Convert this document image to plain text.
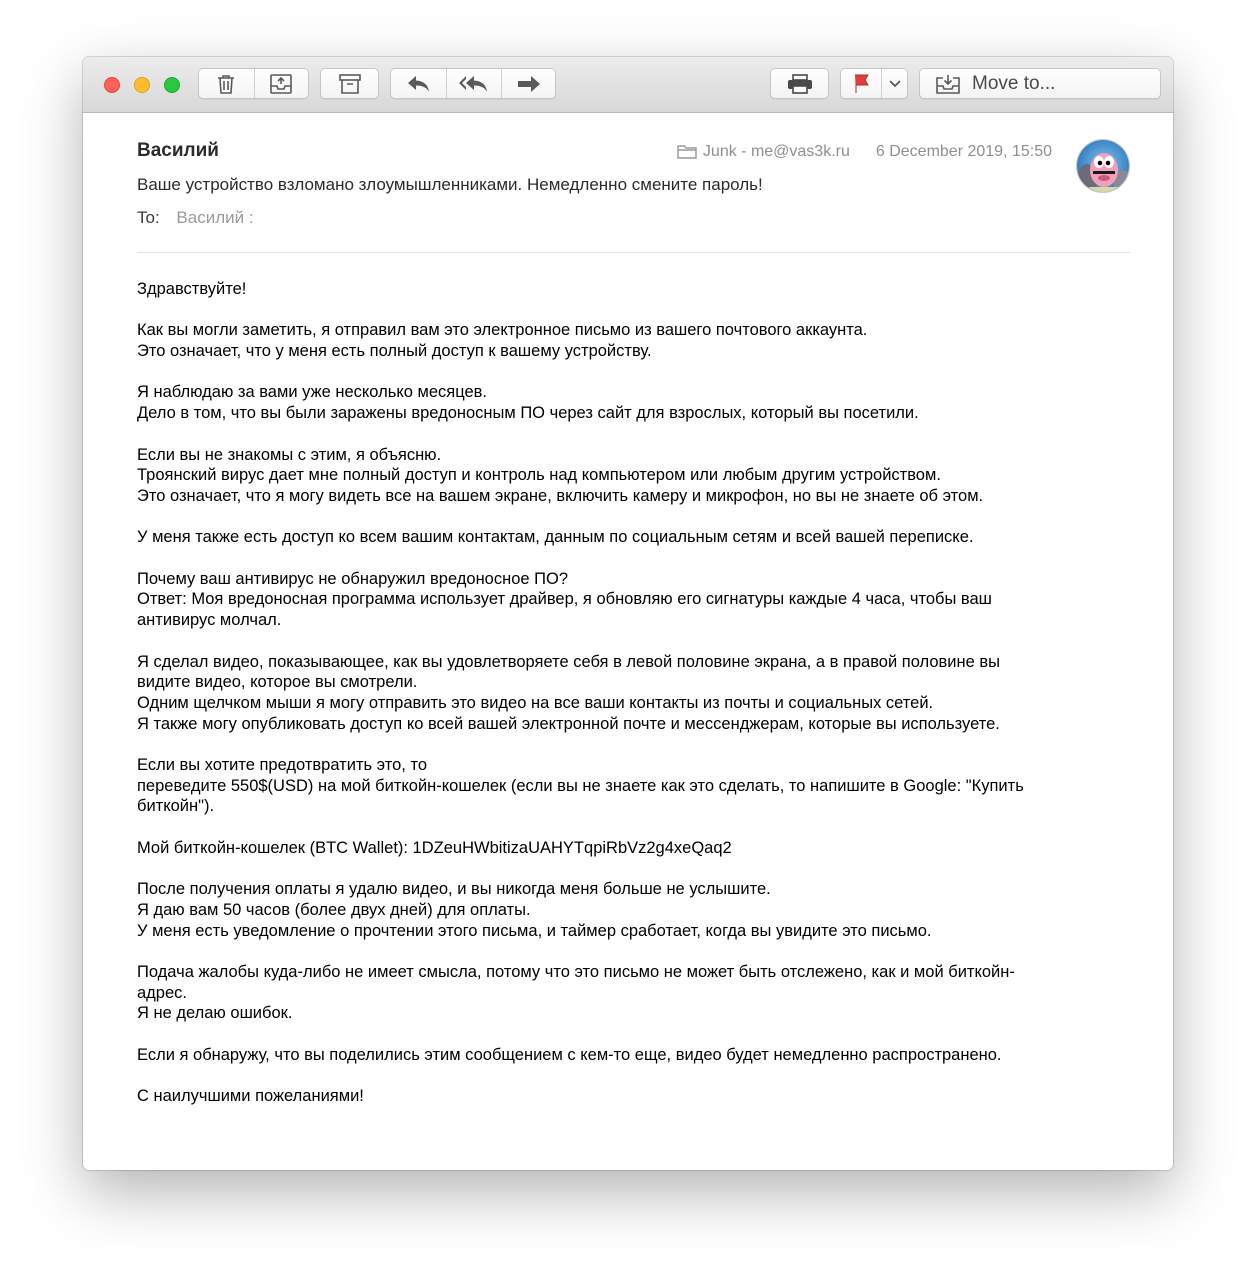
Move to...
Василий	Junk - me@vas3k.ru 6 December 2019, 15:50
Ваше устройство взломано злоумышленниками. Немедленно смените пароль!
To: Василий :
Здравствуйте!
Как вы могли заметить, я отправил вам это электронное письмо из вашего почтового аккаунта.
Это означает, что у меня есть полный доступ к вашему устройству.
Я наблюдаю за вами уже несколько месяцев.
Дело в том, что вы были заражены вредоносным ПО через сайт для взрослых, который вы посетили.
Если вы не знакомы с этим, я объясню.
Троянский вирус дает мне полный доступ и контроль над компьютером или любым другим устройством.
Это означает, что я могу видеть все на вашем экране, включить камеру и микрофон, но вы не знаете об этом.
У меня также есть доступ ко всем вашим контактам, данным по социальным сетям и всей вашей переписке.
Почему ваш антивирус не обнаружил вредоносное ПО?
Ответ: Моя вредоносная программа использует драйвер, я обновляю его сигнатуры каждые 4 часа, чтобы ваш
антивирус молчал.
Я сделал видео, показывающее, как вы удовлетворяете себя в левой половине экрана, а в правой половине вы
видите видео, которое вы смотрели.
Одним щелчком мыши я могу отправить это видео на все ваши контакты из почты и социальных сетей.
Я также могу опубликовать доступ ко всей вашей электронной почте и мессенджерам, которые вы используете.
Если вы хотите предотвратить это, то
переведите 550$(USD) на мой биткойн-кошелек (если вы не знаете как это сделать, то напишите в Google: "Купить
биткойн").
Мой биткойн-кошелек (BTC Wallet): 1DZeuHWbitizaUAHYTqpiRbVz2g4xeQaq2
После получения оплаты я удалю видео, и вы никогда меня больше не услышите.
Я даю вам 50 часов (более двух дней) для оплаты.
У меня есть уведомление о прочтении этого письма, и таймер сработает, когда вы увидите это письмо.
Подача жалобы куда-либо не имеет смысла, потому что это письмо не может быть отслежено, как и мой биткойн-
адрес.
Я не делаю ошибок.
Если я обнаружу, что вы поделились этим сообщением с кем-то еще, видео будет немедленно распространено.
С наилучшими пожеланиями!
